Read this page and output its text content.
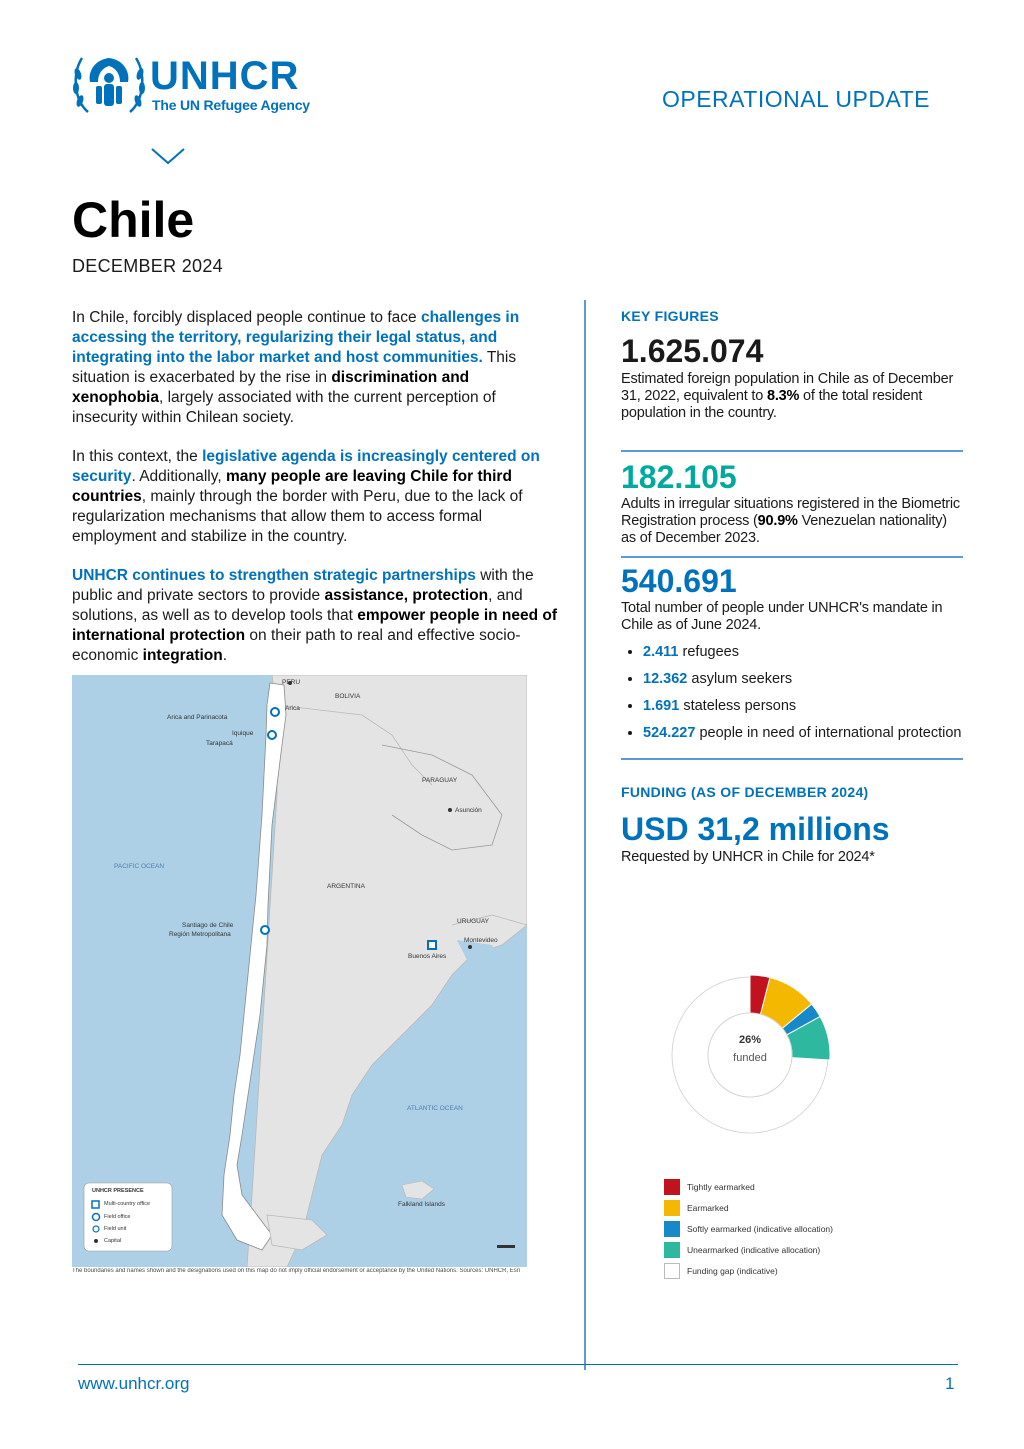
UNHCR
The UN Refugee Agency	OPERATIONAL UPDATE
Chile
DECEMBER 2024

In Chile, forcibly displaced people continue to face challenges in accessing the territory, regularizing their legal status, and integrating into the labor market and host communities. This situation is exacerbated by the rise in discrimination and xenophobia, largely associated with the current perception of insecurity within Chilean society.

In this context, the legislative agenda is increasingly centered on security. Additionally, many people are leaving Chile for third countries, mainly through the border with Peru, due to the lack of regularization mechanisms that allow them to access formal employment and stabilize in the country.

UNHCR continues to strengthen strategic partnerships with the public and private sectors to provide assistance, protection, and solutions, as well as to develop tools that empower people in need of international protection on their path to real and effective socio-economic integration.

BOLIVIA
PERU
PARAGUAY
Asunción
ARGENTINA
URUGUAY
Montevideo
Buenos Aires
PACIFIC OCEAN
ATLANTIC OCEAN
Arica
Arica and Parinacota
Iquique
Tarapacá
Santiago de Chile
Región Metropolitana
Falkland Islands
UNHCR PRESENCE
Multi-country office
Field office
Field unit
Capital
The boundaries and names shown and the designations used on this map do not imply official endorsement or acceptance by the United Nations. Sources: UNHCR, Esri
KEY FIGURES
1.625.074
Estimated foreign population in Chile as of December 31, 2022, equivalent to 8.3% of the total resident population in the country.
182.105
Adults in irregular situations registered in the Biometric Registration process (90.9% Venezuelan nationality) as of December 2023.
540.691
Total number of people under UNHCR's mandate in Chile as of June 2024.
• 2.411 refugees
• 12.362 asylum seekers
• 1.691 stateless persons
• 524.227 people in need of international protection
FUNDING (AS OF DECEMBER 2024)
USD 31,2 millions
Requested by UNHCR in Chile for 2024*
26%
funded
Tightly earmarked
Earmarked
Softly earmarked (indicative allocation)
Unearmarked (indicative allocation)
Funding gap (indicative)
www.unhcr.org	1
